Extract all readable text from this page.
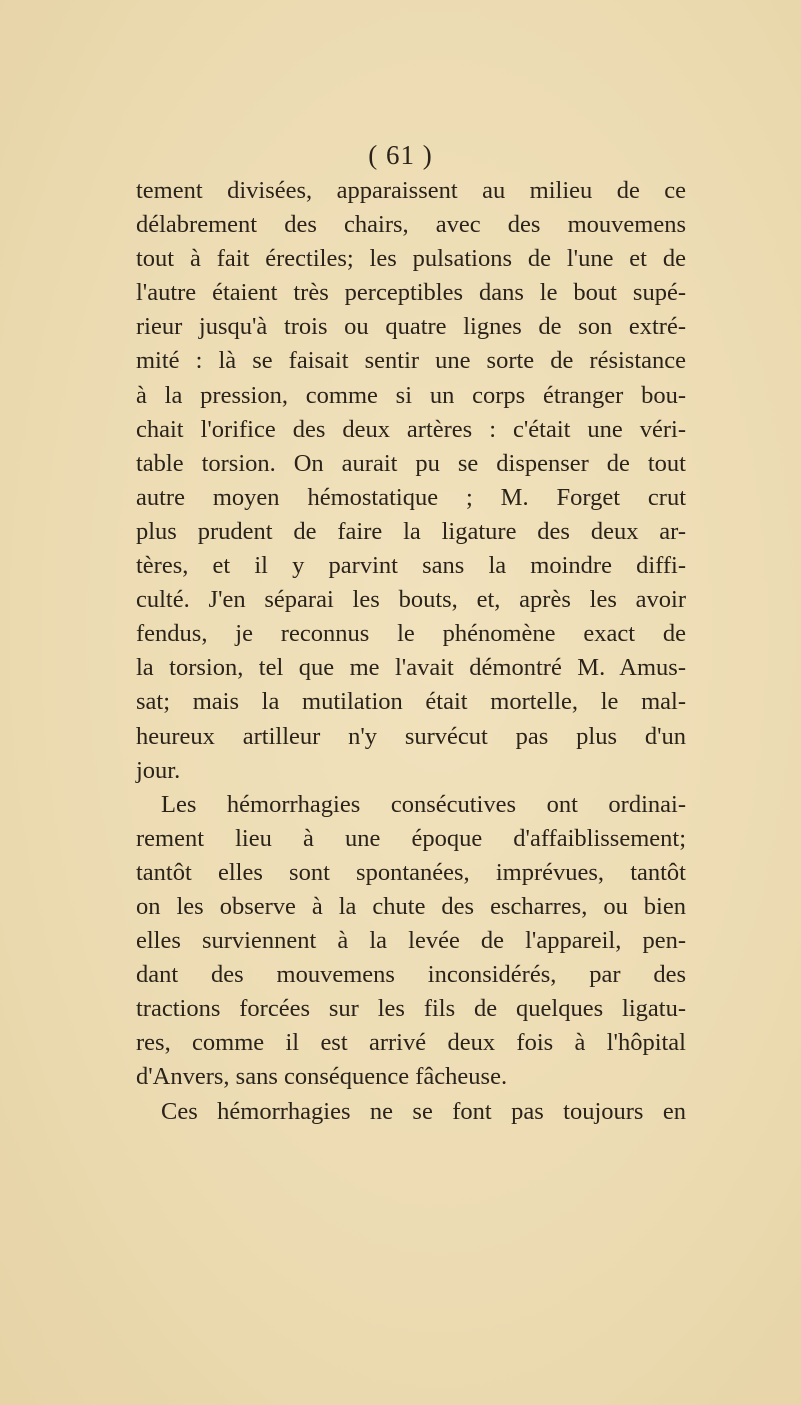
( 61 )
tement divisées, apparaissent au milieu de ce
délabrement des chairs, avec des mouvemens
tout à fait érectiles; les pulsations de l'une et de
l'autre étaient très perceptibles dans le bout supé-
rieur jusqu'à trois ou quatre lignes de son extré-
mité : là se faisait sentir une sorte de résistance
à la pression, comme si un corps étranger bou-
chait l'orifice des deux artères : c'était une véri-
table torsion. On aurait pu se dispenser de tout
autre moyen hémostatique ; M. Forget crut
plus prudent de faire la ligature des deux ar-
tères, et il y parvint sans la moindre diffi-
culté. J'en séparai les bouts, et, après les avoir
fendus, je reconnus le phénomène exact de
la torsion, tel que me l'avait démontré M. Amus-
sat; mais la mutilation était mortelle, le mal-
heureux artilleur n'y survécut pas plus d'un
jour.
Les hémorrhagies consécutives ont ordinai-
rement lieu à une époque d'affaiblissement;
tantôt elles sont spontanées, imprévues, tantôt
on les observe à la chute des escharres, ou bien
elles surviennent à la levée de l'appareil, pen-
dant des mouvemens inconsidérés, par des
tractions forcées sur les fils de quelques ligatu-
res, comme il est arrivé deux fois à l'hôpital
d'Anvers, sans conséquence fâcheuse.
Ces hémorrhagies ne se font pas toujours en
